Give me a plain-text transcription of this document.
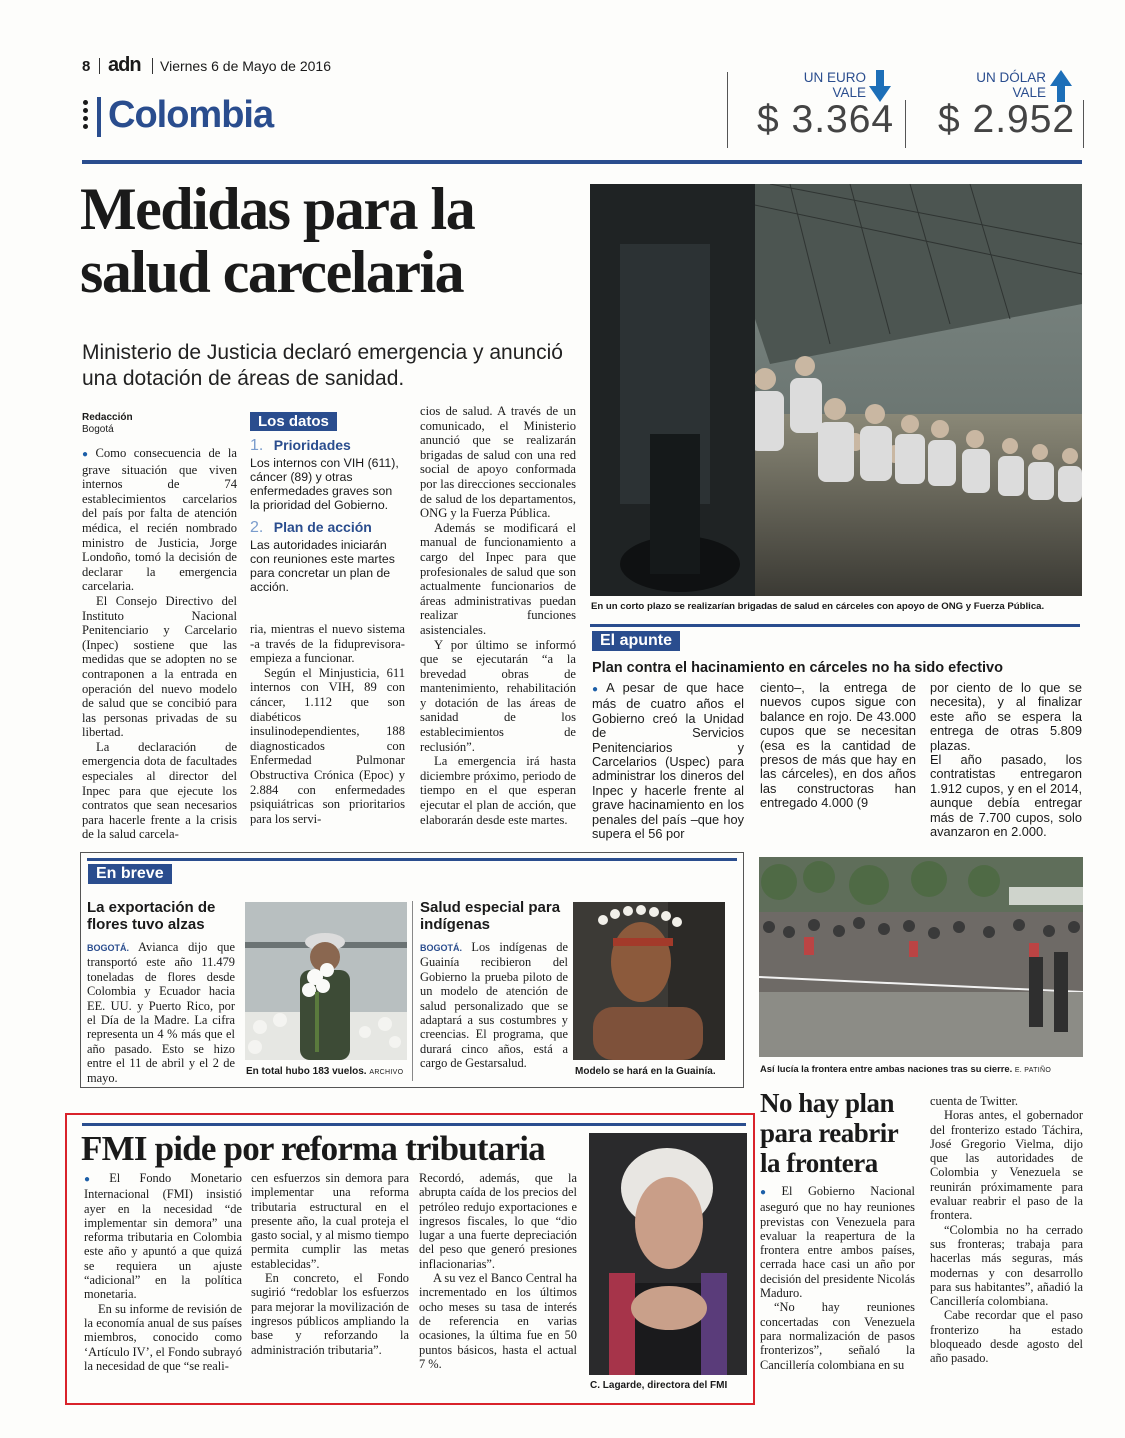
8 adn Viernes 6 de Mayo de 2016
Colombia
UN EURO
VALE
$ 3.364
UN DÓLAR
VALE
$ 2.952
Medidas para la salud carcelaria
Ministerio de Justicia declaró emergencia y anunció una dotación de áreas de sanidad.
Redacción
Bogotá

● Como consecuencia de la grave situación que viven internos de 74 establecimientos carcelarios del país por falta de atención médica, el recién nombrado ministro de Justicia, Jorge Londoño, tomó la decisión de declarar la emergencia carcelaria.

El Consejo Directivo del Instituto Nacional Penitenciario y Carcelario (Inpec) sostiene que las medidas que se adopten no se contraponen a la entrada en operación del nuevo modelo de salud que se concibió para las personas privadas de su libertad.

La declaración de emergencia dota de facultades especiales al director del Inpec para que ejecute los contratos que sean necesarios para hacerle frente a la crisis de la salud carcela-

Los datos
1. Prioridades
Los internos con VIH (611), cáncer (89) y otras enfermedades graves son la prioridad del Gobierno.
2. Plan de acción
Las autoridades iniciarán con reuniones este martes para concretar un plan de acción.

ria, mientras el nuevo sistema -a través de la fiduprevisora- empieza a funcionar.

Según el Minjusticia, 611 internos con VIH, 89 con cáncer, 1.112 que son diabéticos insulinodependientes, 188 diagnosticados con Enfermedad Pulmonar Obstructiva Crónica (Epoc) y 2.884 con enfermedades psiquiátricas son prioritarios para los servi-

cios de salud. A través de un comunicado, el Ministerio anunció que se realizarán brigadas de salud con una red social de apoyo conformada por las direcciones seccionales de salud de los departamentos, ONG y la Fuerza Pública.

Además se modificará el manual de funcionamiento a cargo del Inpec para que profesionales de salud que son actualmente funcionarios de áreas administrativas puedan realizar funciones asistenciales.

Y por último se informó que se ejecutarán “a la brevedad obras de mantenimiento, rehabilitación y dotación de las áreas de sanidad de los establecimientos de reclusión”.

La emergencia irá hasta diciembre próximo, periodo de tiempo en el que esperan ejecutar el plan de acción, que elaborarán desde este martes.

En un corto plazo se realizarían brigadas de salud en cárceles con apoyo de ONG y Fuerza Pública.
El apunte
Plan contra el hacinamiento en cárceles no ha sido efectivo
● A pesar de que hace más de cuatro años el Gobierno creó la Unidad de Servicios Penitenciarios y Carcelarios (Uspec) para administrar los dineros del Inpec y hacerle frente al grave hacinamiento en los penales del país –que hoy supera el 56 por
ciento–, la entrega de nuevos cupos sigue con balance en rojo. De 43.000 cupos que se necesitan (esa es la cantidad de presos de más que hay en las cárceles), en dos años las constructoras han entregado 4.000 (9

por ciento de lo que se necesita), y al finalizar este año se espera la entrega de otras 5.809 plazas.

El año pasado, los contratistas entregaron 1.912 cupos, y en el 2014, aunque debía entregar más de 7.700 cupos, solo avanzaron en 2.000.

En breve
La exportación de flores tuvo alzas
BOGOTÁ. Avianca dijo que transportó este año 11.479 toneladas de flores desde Colombia y Ecuador hacia EE. UU. y Puerto Rico, por el Día de la Madre. La cifra representa un 4 % más que el año pasado. Esto se hizo entre el 11 de abril y el 2 de mayo.	En total hubo 183 vuelos. ARCHIVO
Salud especial para indígenas
BOGOTÁ. Los indígenas de Guainía recibieron del Gobierno la prueba piloto de un modelo de atención de salud personalizado que se adaptará a sus costumbres y creencias. El programa, que durará cinco años, está a cargo de Gestarsalud.
Modelo se hará en la Guainía.	Así lucía la frontera entre ambas naciones tras su cierre. E. PATIÑO
FMI pide por reforma tributaria

● El Fondo Monetario Internacional (FMI) insistió ayer en la necesidad “de implementar sin demora” una reforma tributaria en Colombia este año y apuntó a que quizá se requiera un ajuste “adicional” en la política monetaria.

En su informe de revisión de la economía anual de sus países miembros, conocido como ‘Artículo IV’, el Fondo subrayó la necesidad de que “se reali-

cen esfuerzos sin demora para implementar una reforma tributaria estructural en el presente año, la cual proteja el gasto social, y al mismo tiempo permita cumplir las metas establecidas”.

En concreto, el Fondo sugirió “redoblar los esfuerzos para mejorar la movilización de ingresos públicos ampliando la base y reforzando la administración tributaria”.

Recordó, además, que la abrupta caída de los precios del petróleo redujo exportaciones e ingresos fiscales, lo que “dio lugar a una fuerte depreciación del peso que generó presiones inflacionarias”.

A su vez el Banco Central ha incrementado en los últimos ocho meses su tasa de interés de referencia en varias ocasiones, la última fue en 50 puntos básicos, hasta el actual 7 %.

C. Lagarde, directora del FMI
No hay plan para reabrir la frontera

● El Gobierno Nacional aseguró que no hay reuniones previstas con Venezuela para evaluar la reapertura de la frontera entre ambos países, cerrada hace casi un año por decisión del presidente Nicolás Maduro.

“No hay reuniones concertadas con Venezuela para normalización de pasos fronterizos”, señaló la Cancillería colombiana en su

cuenta de Twitter.

Horas antes, el gobernador del fronterizo estado Táchira, José Gregorio Vielma, dijo que las autoridades de Colombia y Venezuela se reunirán próximamente para evaluar reabrir el paso de la frontera.

“Colombia no ha cerrado sus fronteras; trabaja para hacerlas más seguras, más modernas y con desarrollo para sus habitantes”, añadió la Cancillería colombiana.

Cabe recordar que el paso fronterizo ha estado bloqueado desde agosto del año pasado.
